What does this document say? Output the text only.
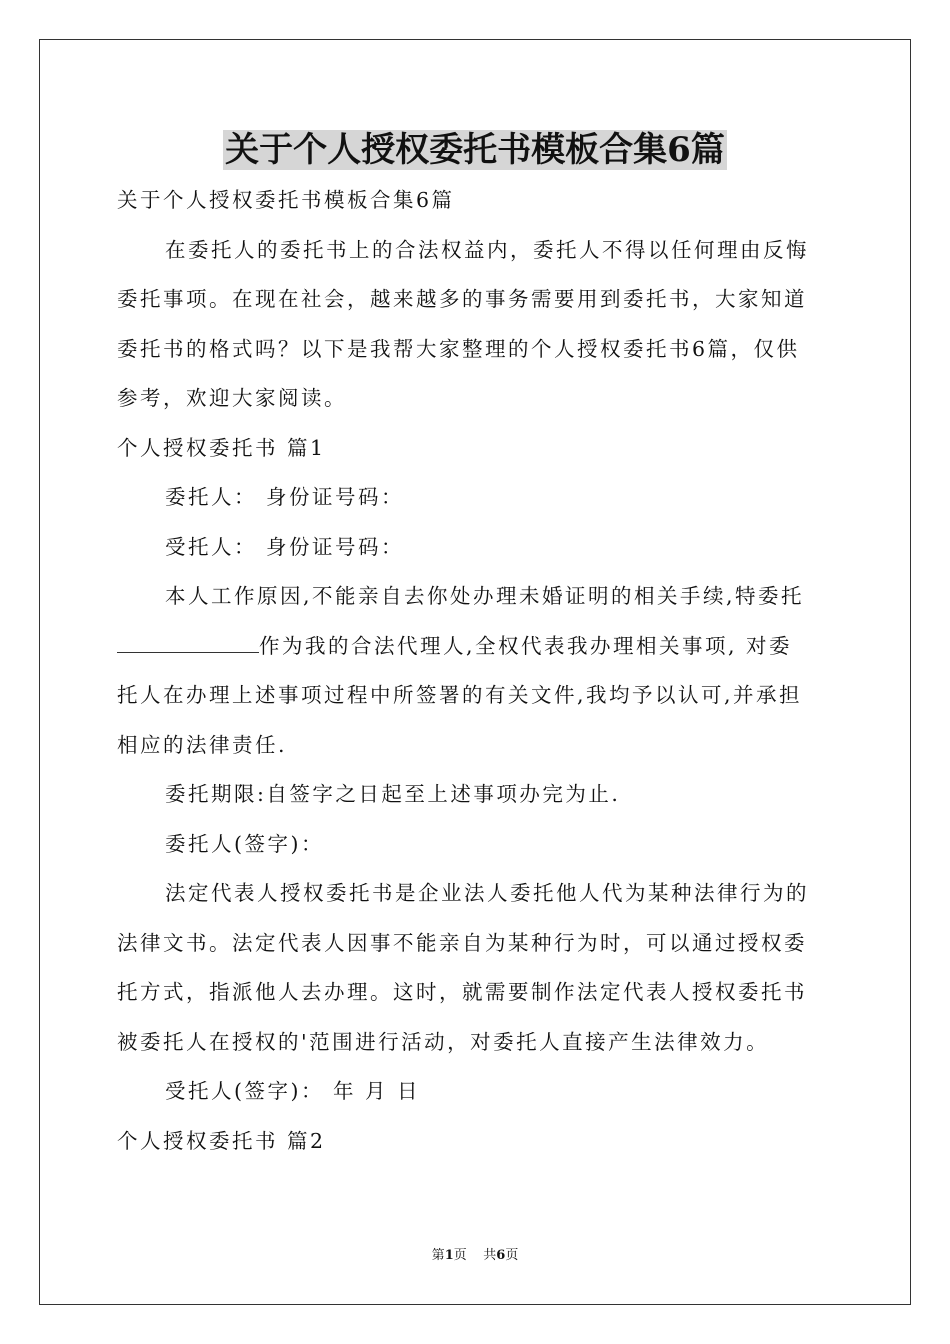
关于个人授权委托书模板合集6篇
关于个人授权委托书模板合集6篇
在委托人的委托书上的合法权益内，委托人不得以任何理由反悔
委托事项。在现在社会，越来越多的事务需要用到委托书，大家知道
委托书的格式吗？以下是我帮大家整理的个人授权委托书6篇，仅供
参考，欢迎大家阅读。
个人授权委托书 篇1
委托人： 身份证号码：
受托人： 身份证号码：
本人工作原因,不能亲自去你处办理未婚证明的相关手续,特委托
作为我的合法代理人,全权代表我办理相关事项, 对委
托人在办理上述事项过程中所签署的有关文件,我均予以认可,并承担
相应的法律责任.
委托期限:自签字之日起至上述事项办完为止.
委托人(签字)：
法定代表人授权委托书是企业法人委托他人代为某种法律行为的
法律文书。法定代表人因事不能亲自为某种行为时，可以通过授权委
托方式，指派他人去办理。这时，就需要制作法定代表人授权委托书
被委托人在授权的'范围进行活动，对委托人直接产生法律效力。
受托人(签字)： 年 月 日
个人授权委托书 篇2
第1页    共6页
